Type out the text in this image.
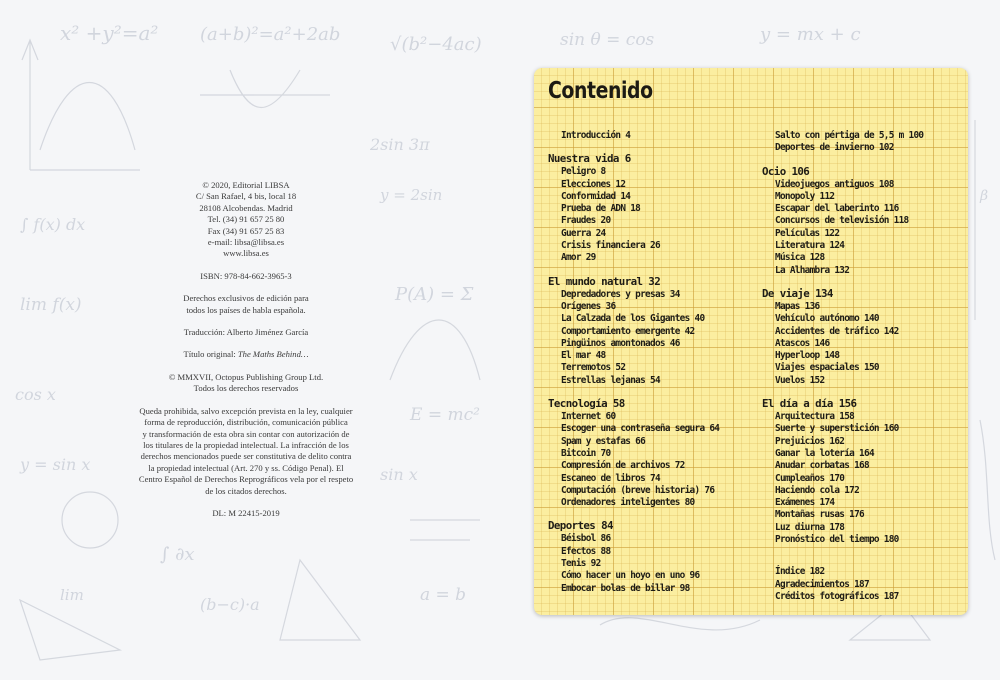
x² +y²=a² (a+b)²=a²+2ab	√(b²−4ac)	sin θ = cos	y = mx + c
∫ f(x) dx
2sin 3π
y = 2sin
lim f(x)	P(A) = Σ
cos x
E = mc²
y = sin x
sin x
∫ ∂x
(b−c)·a
lim	a = b
β
© 2020, Editorial LIBSA
C/ San Rafael, 4 bis, local 18
28108 Alcobendas. Madrid
Tel. (34) 91 657 25 80
Fax (34) 91 657 25 83
e-mail: libsa@libsa.es
www.libsa.es
ISBN: 978-84-662-3965-3
Derechos exclusivos de edición para
todos los países de habla española.
Traducción: Alberto Jiménez García
Título original: The Maths Behind…
© MMXVII, Octopus Publishing Group Ltd.
Todos los derechos reservados
Queda prohibida, salvo excepción prevista en la ley, cualquier
forma de reproducción, distribución, comunicación pública
y transformación de esta obra sin contar con autorización de
los titulares de la propiedad intelectual. La infracción de los
derechos mencionados puede ser constitutiva de delito contra
la propiedad intelectual (Art. 270 y ss. Código Penal). El
Centro Español de Derechos Reprográficos vela por el respeto
de los citados derechos.
DL: M 22415-2019
Contenido
Introducción 4
Nuestra vida 6
Peligro 8
Elecciones 12
Conformidad 14
Prueba de ADN 18
Fraudes 20
Guerra 24
Crisis financiera 26
Amor 29
El mundo natural 32
Depredadores y presas 34
Orígenes 36
La Calzada de los Gigantes 40
Comportamiento emergente 42
Pingüinos amontonados 46
El mar 48
Terremotos 52
Estrellas lejanas 54
Tecnología 58
Internet 60
Escoger una contraseña segura 64
Spam y estafas 66
Bitcoin 70
Compresión de archivos 72
Escaneo de libros 74
Computación (breve historia) 76
Ordenadores inteligentes 80
Deportes 84
Béisbol 86
Efectos 88
Tenis 92
Cómo hacer un hoyo en uno 96
Embocar bolas de billar 98
Salto con pértiga de 5,5 m 100
Deportes de invierno 102
Ocio 106
Videojuegos antiguos 108
Monopoly 112
Escapar del laberinto 116
Concursos de televisión 118
Películas 122
Literatura 124
Música 128
La Alhambra 132
De viaje 134
Mapas 136
Vehículo autónomo 140
Accidentes de tráfico 142
Atascos 146
Hyperloop 148
Viajes espaciales 150
Vuelos 152
El día a día 156
Arquitectura 158
Suerte y superstición 160
Prejuicios 162
Ganar la lotería 164
Anudar corbatas 168
Cumpleaños 170
Haciendo cola 172
Exámenes 174
Montañas rusas 176
Luz diurna 178
Pronóstico del tiempo 180
Índice 182
Agradecimientos 187
Créditos fotográficos 187
